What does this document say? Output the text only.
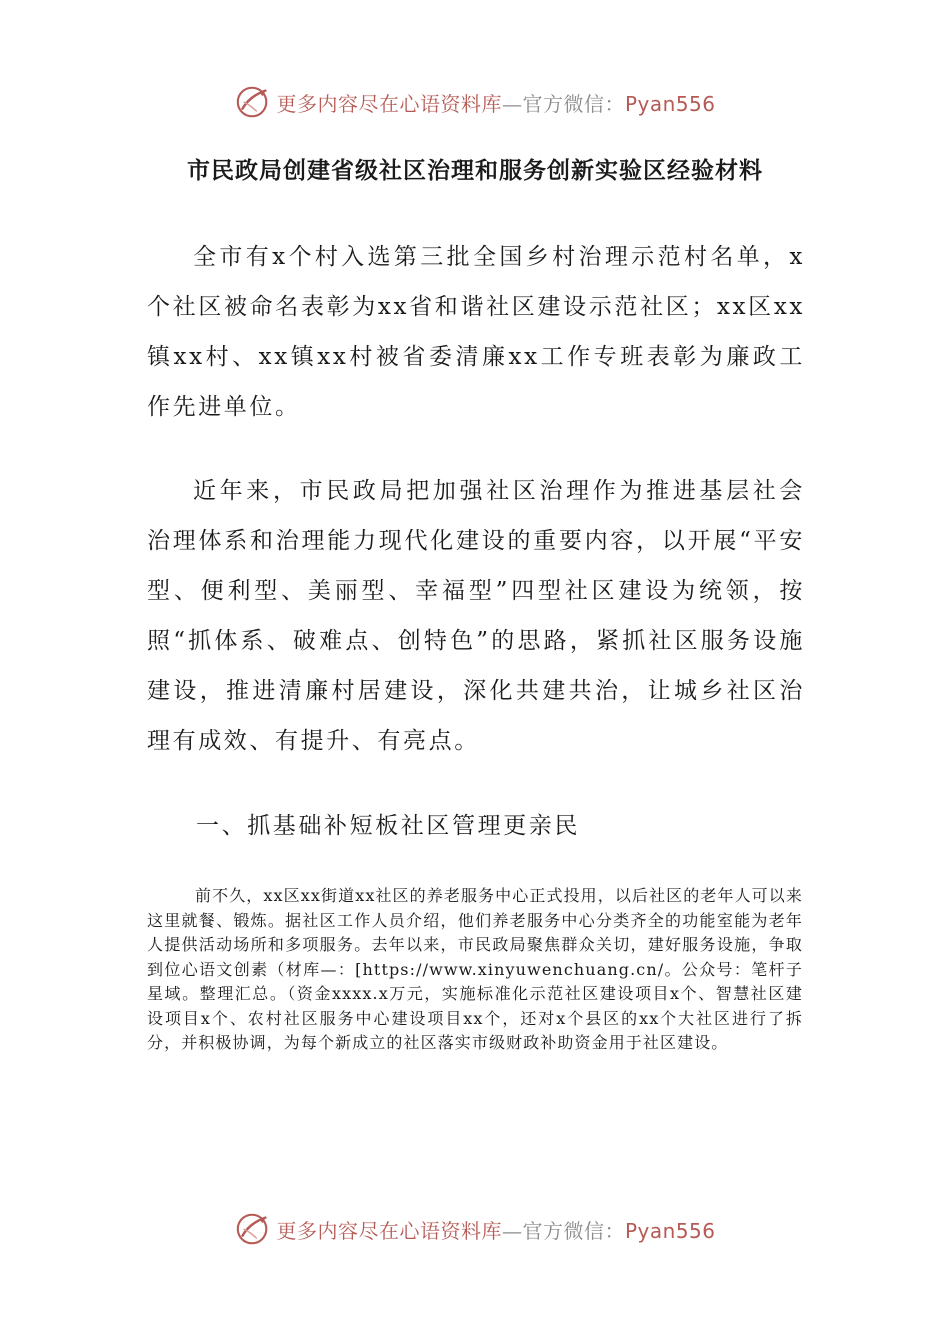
更多内容尽在心语资料库—官方微信：Pyan556
市民政局创建省级社区治理和服务创新实验区经验材料

全市有x个村入选第三批全国乡村治理示范村名单，x个社区被命名表彰为xx省和谐社区建设示范社区；xx区xx镇xx村、xx镇xx村被省委清廉xx工作专班表彰为廉政工作先进单位。

近年来，市民政局把加强社区治理作为推进基层社会治理体系和治理能力现代化建设的重要内容，以开展“平安型、便利型、美丽型、幸福型”四型社区建设为统领，按照“抓体系、破难点、创特色”的思路，紧抓社区服务设施建设，推进清廉村居建设，深化共建共治，让城乡社区治理有成效、有提升、有亮点。

一、抓基础补短板社区管理更亲民

前不久，xx区xx街道xx社区的养老服务中心正式投用，以后社区的老年人可以来这里就餐、锻炼。据社区工作人员介绍，他们养老服务中心分类齐全的功能室能为老年人提供活动场所和多项服务。去年以来，市民政局聚焦群众关切，建好服务设施，争取到位心语文创素（材库—：[https://www.xinyuwenchuang.cn/。公众号：笔杆子星域。整理汇总。（资金xxxx.x万元，实施标准化示范社区建设项目x个、智慧社区建设项目x个、农村社区服务中心建设项目xx个，还对x个县区的xx个大社区进行了拆分，并积极协调，为每个新成立的社区落实市级财政补助资金用于社区建设。

更多内容尽在心语资料库—官方微信：Pyan556
